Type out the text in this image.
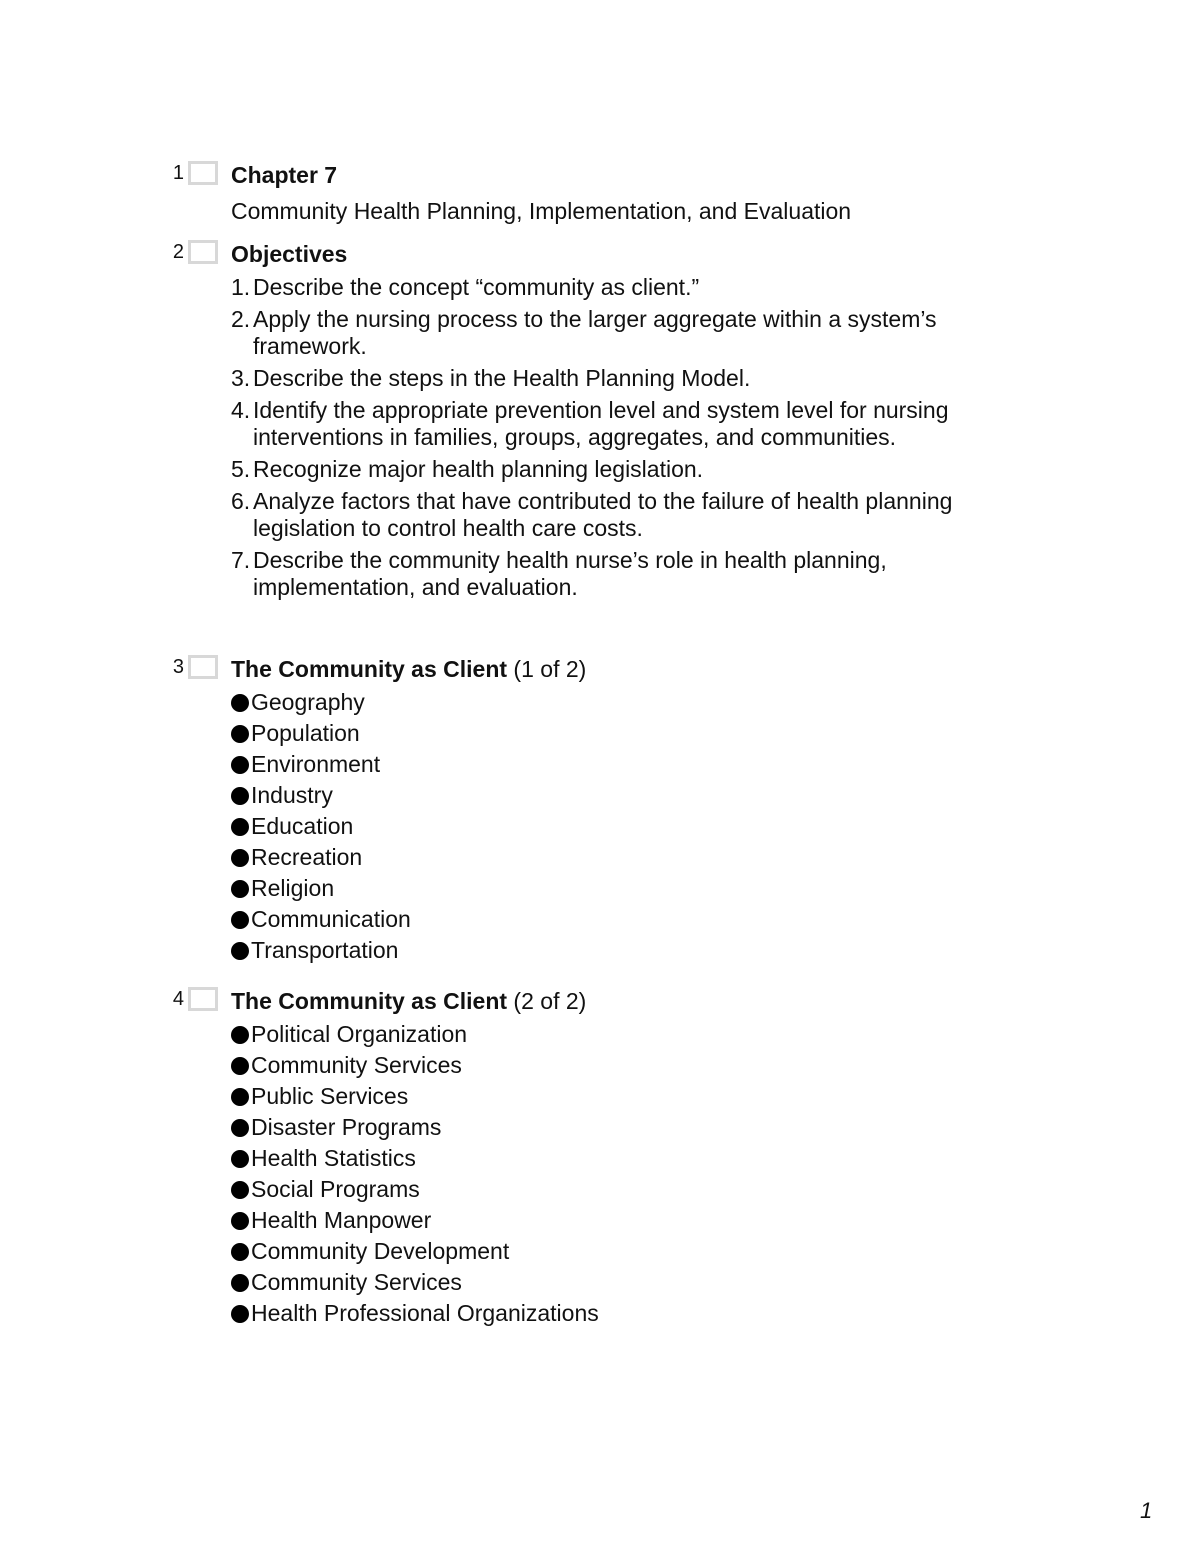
1 Chapter 7

Community Health Planning, Implementation, and Evaluation
2 Objectives

1. Describe the concept “community as client.”
2. Apply the nursing process to the larger aggregate within a system’s framework.
3. Describe the steps in the Health Planning Model.
4. Identify the appropriate prevention level and system level for nursing interventions in families, groups, aggregates, and communities.
5. Recognize major health planning legislation.
6. Analyze factors that have contributed to the failure of health planning legislation to control health care costs.
7. Describe the community health nurse’s role in health planning, implementation, and evaluation.
3 The Community as Client (1 of 2)

Geography
Population
Environment
Industry
Education
Recreation
Religion
Communication
Transportation
4 The Community as Client (2 of 2)

Political Organization
Community Services
Public Services
Disaster Programs
Health Statistics
Social Programs
Health Manpower
Community Development
Community Services
Health Professional Organizations
1
